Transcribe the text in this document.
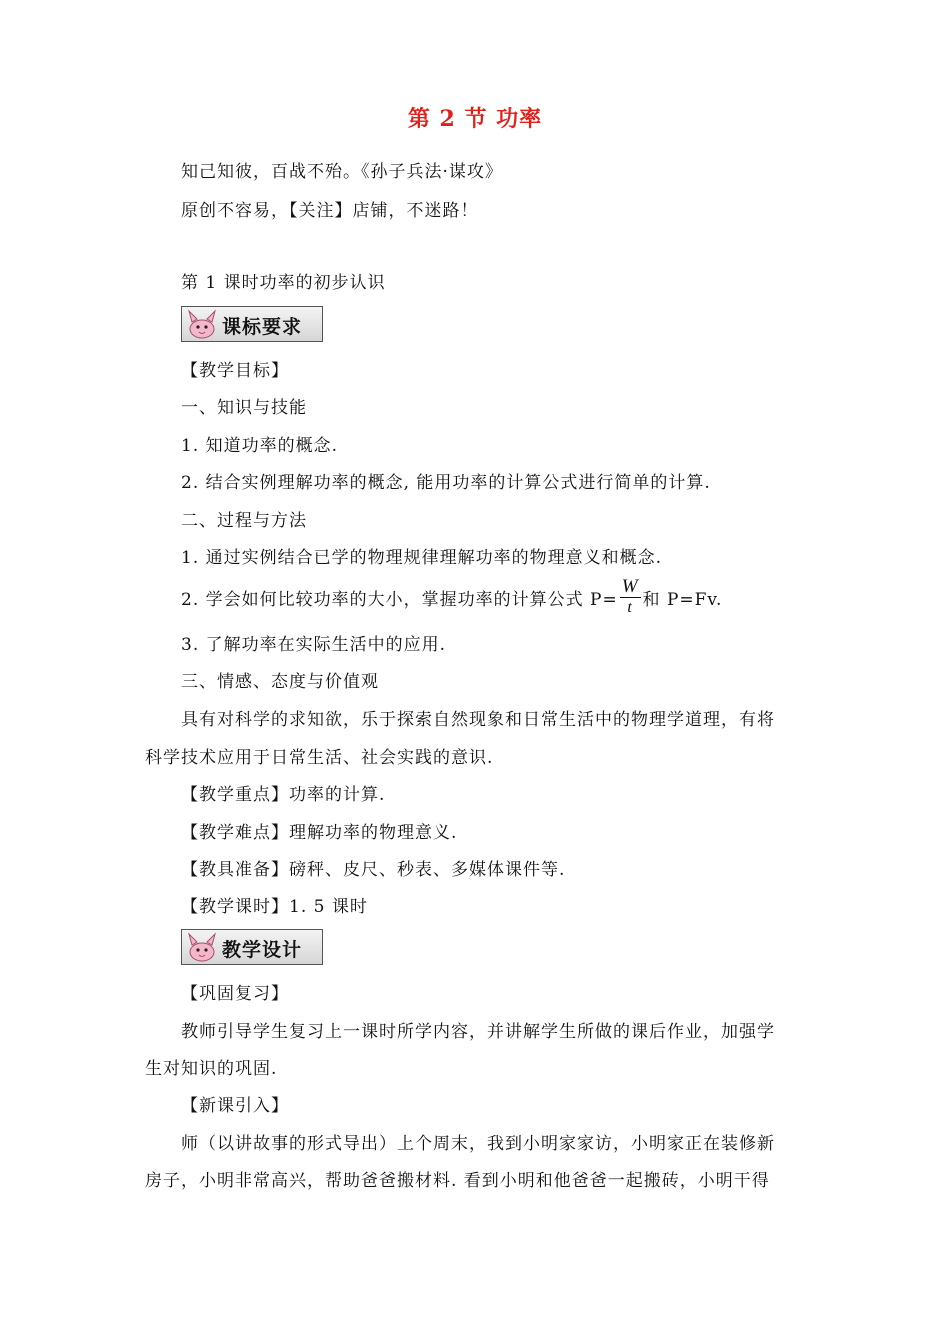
第 2 节 功率
知己知彼，百战不殆。《孙子兵法·谋攻》
原创不容易，【关注】店铺，不迷路！
第 1 课时功率的初步认识
课标要求
【教学目标】
一、知识与技能
1. 知道功率的概念.
2. 结合实例理解功率的概念, 能用功率的计算公式进行简单的计算.
二、过程与方法
1. 通过实例结合已学的物理规律理解功率的物理意义和概念.
2. 学会如何比较功率的大小，掌握功率的计算公式 $P= \frac{W}{t}$ 和 P=Fv.
3. 了解功率在实际生活中的应用.
三、情感、态度与价值观
具有对科学的求知欲，乐于探索自然现象和日常生活中的物理学道理，有将
科学技术应用于日常生活、社会实践的意识.
【教学重点】功率的计算.
【教学难点】理解功率的物理意义.
【教具准备】磅秤、皮尺、秒表、多媒体课件等.
【教学课时】1. 5 课时
教学设计
【巩固复习】
教师引导学生复习上一课时所学内容，并讲解学生所做的课后作业，加强学
生对知识的巩固.
【新课引入】
师（以讲故事的形式导出）上个周末，我到小明家家访，小明家正在装修新
房子，小明非常高兴，帮助爸爸搬材料. 看到小明和他爸爸一起搬砖，小明干得
